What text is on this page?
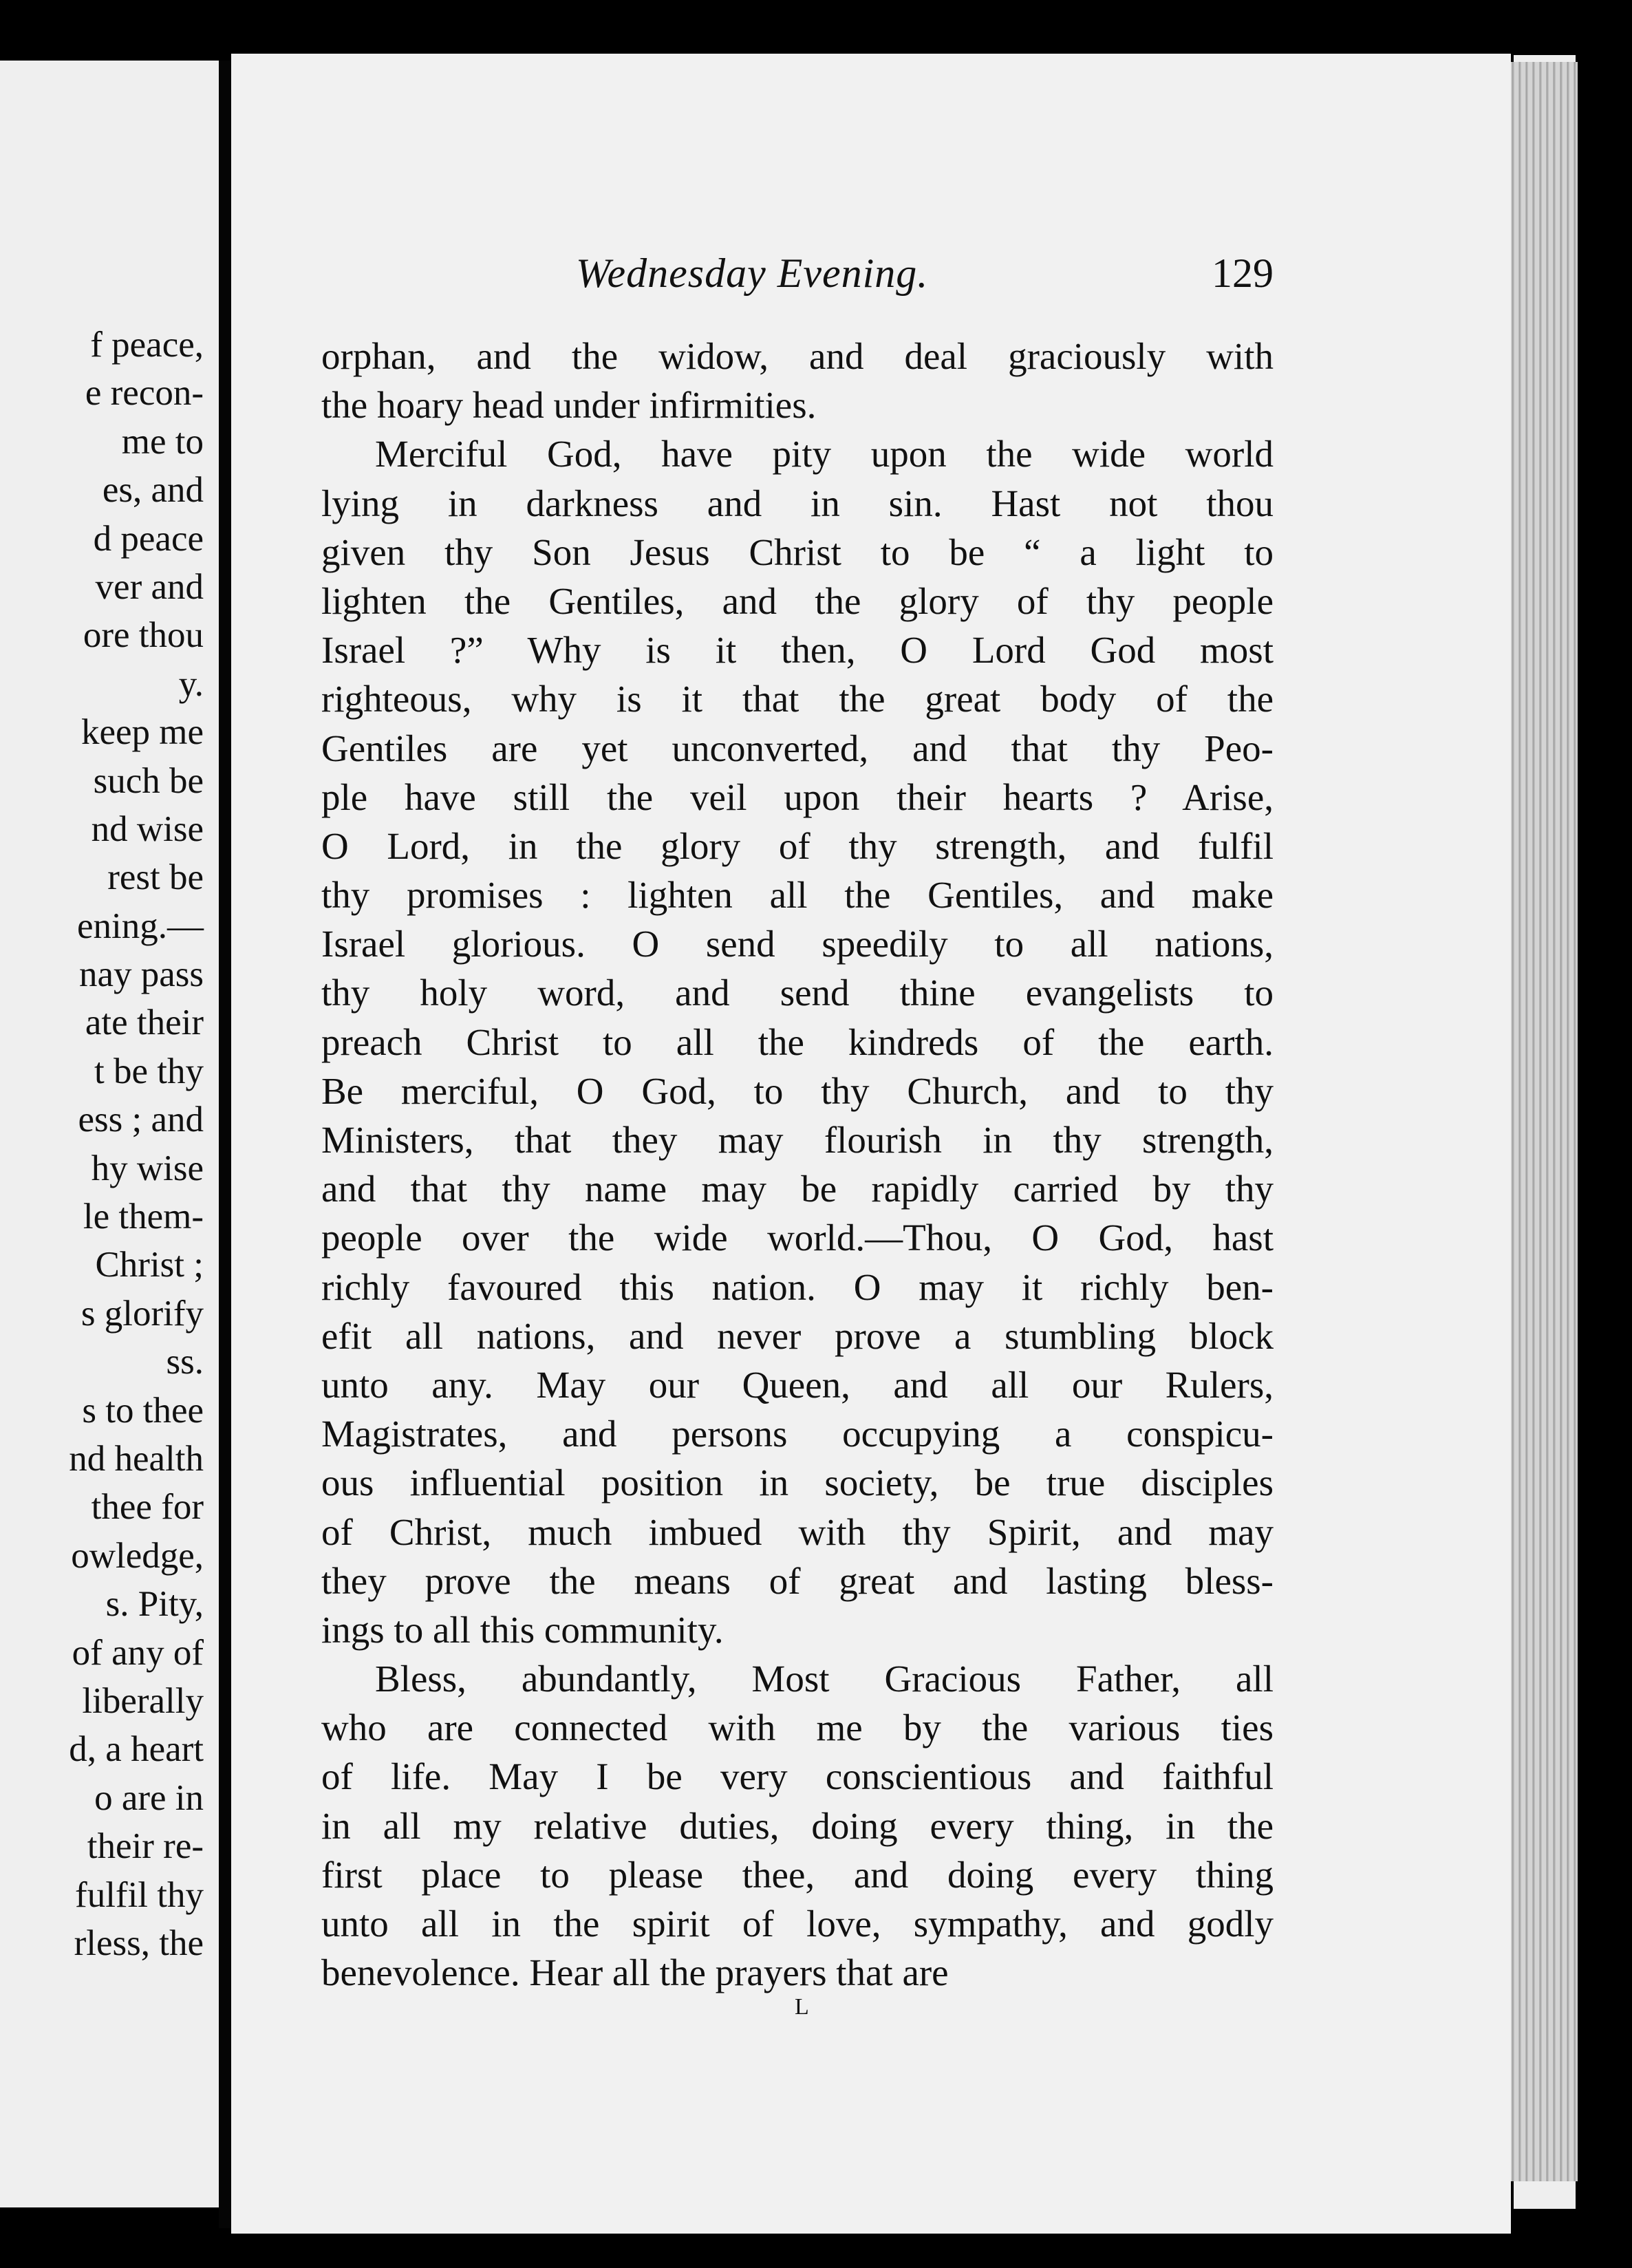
f peace,
e recon-
me to
es, and
d peace
ver and
ore thou
y.
keep me
such be
nd wise
rest be
ening.—
nay pass
ate their
t be thy
ess ; and
hy wise
le them-
Christ ;
s glorify
ss.
s to thee
nd health
thee for
owledge,
s. Pity,
of any of
liberally
d, a heart
o are in
their re-
fulfil thy
rless, the
Wednesday Evening.	129
orphan, and the widow, and deal graciously with
the hoary head under infirmities.
Merciful God, have pity upon the wide world
lying in darkness and in sin. Hast not thou
given thy Son Jesus Christ to be “ a light to
lighten the Gentiles, and the glory of thy people
Israel ?” Why is it then, O Lord God most
righteous, why is it that the great body of the
Gentiles are yet unconverted, and that thy Peo-
ple have still the veil upon their hearts ? Arise,
O Lord, in the glory of thy strength, and fulfil
thy promises : lighten all the Gentiles, and make
Israel glorious. O send speedily to all nations,
thy holy word, and send thine evangelists to
preach Christ to all the kindreds of the earth.
Be merciful, O God, to thy Church, and to thy
Ministers, that they may flourish in thy strength,
and that thy name may be rapidly carried by thy
people over the wide world.—Thou, O God, hast
richly favoured this nation. O may it richly ben-
efit all nations, and never prove a stumbling block
unto any. May our Queen, and all our Rulers,
Magistrates, and persons occupying a conspicu-
ous influential position in society, be true disciples
of Christ, much imbued with thy Spirit, and may
they prove the means of great and lasting bless-
ings to all this community.
Bless, abundantly, Most Gracious Father, all
who are connected with me by the various ties
of life. May I be very conscientious and faithful
in all my relative duties, doing every thing, in the
first place to please thee, and doing every thing
unto all in the spirit of love, sympathy, and godly
benevolence. Hear all the prayers that are
L
